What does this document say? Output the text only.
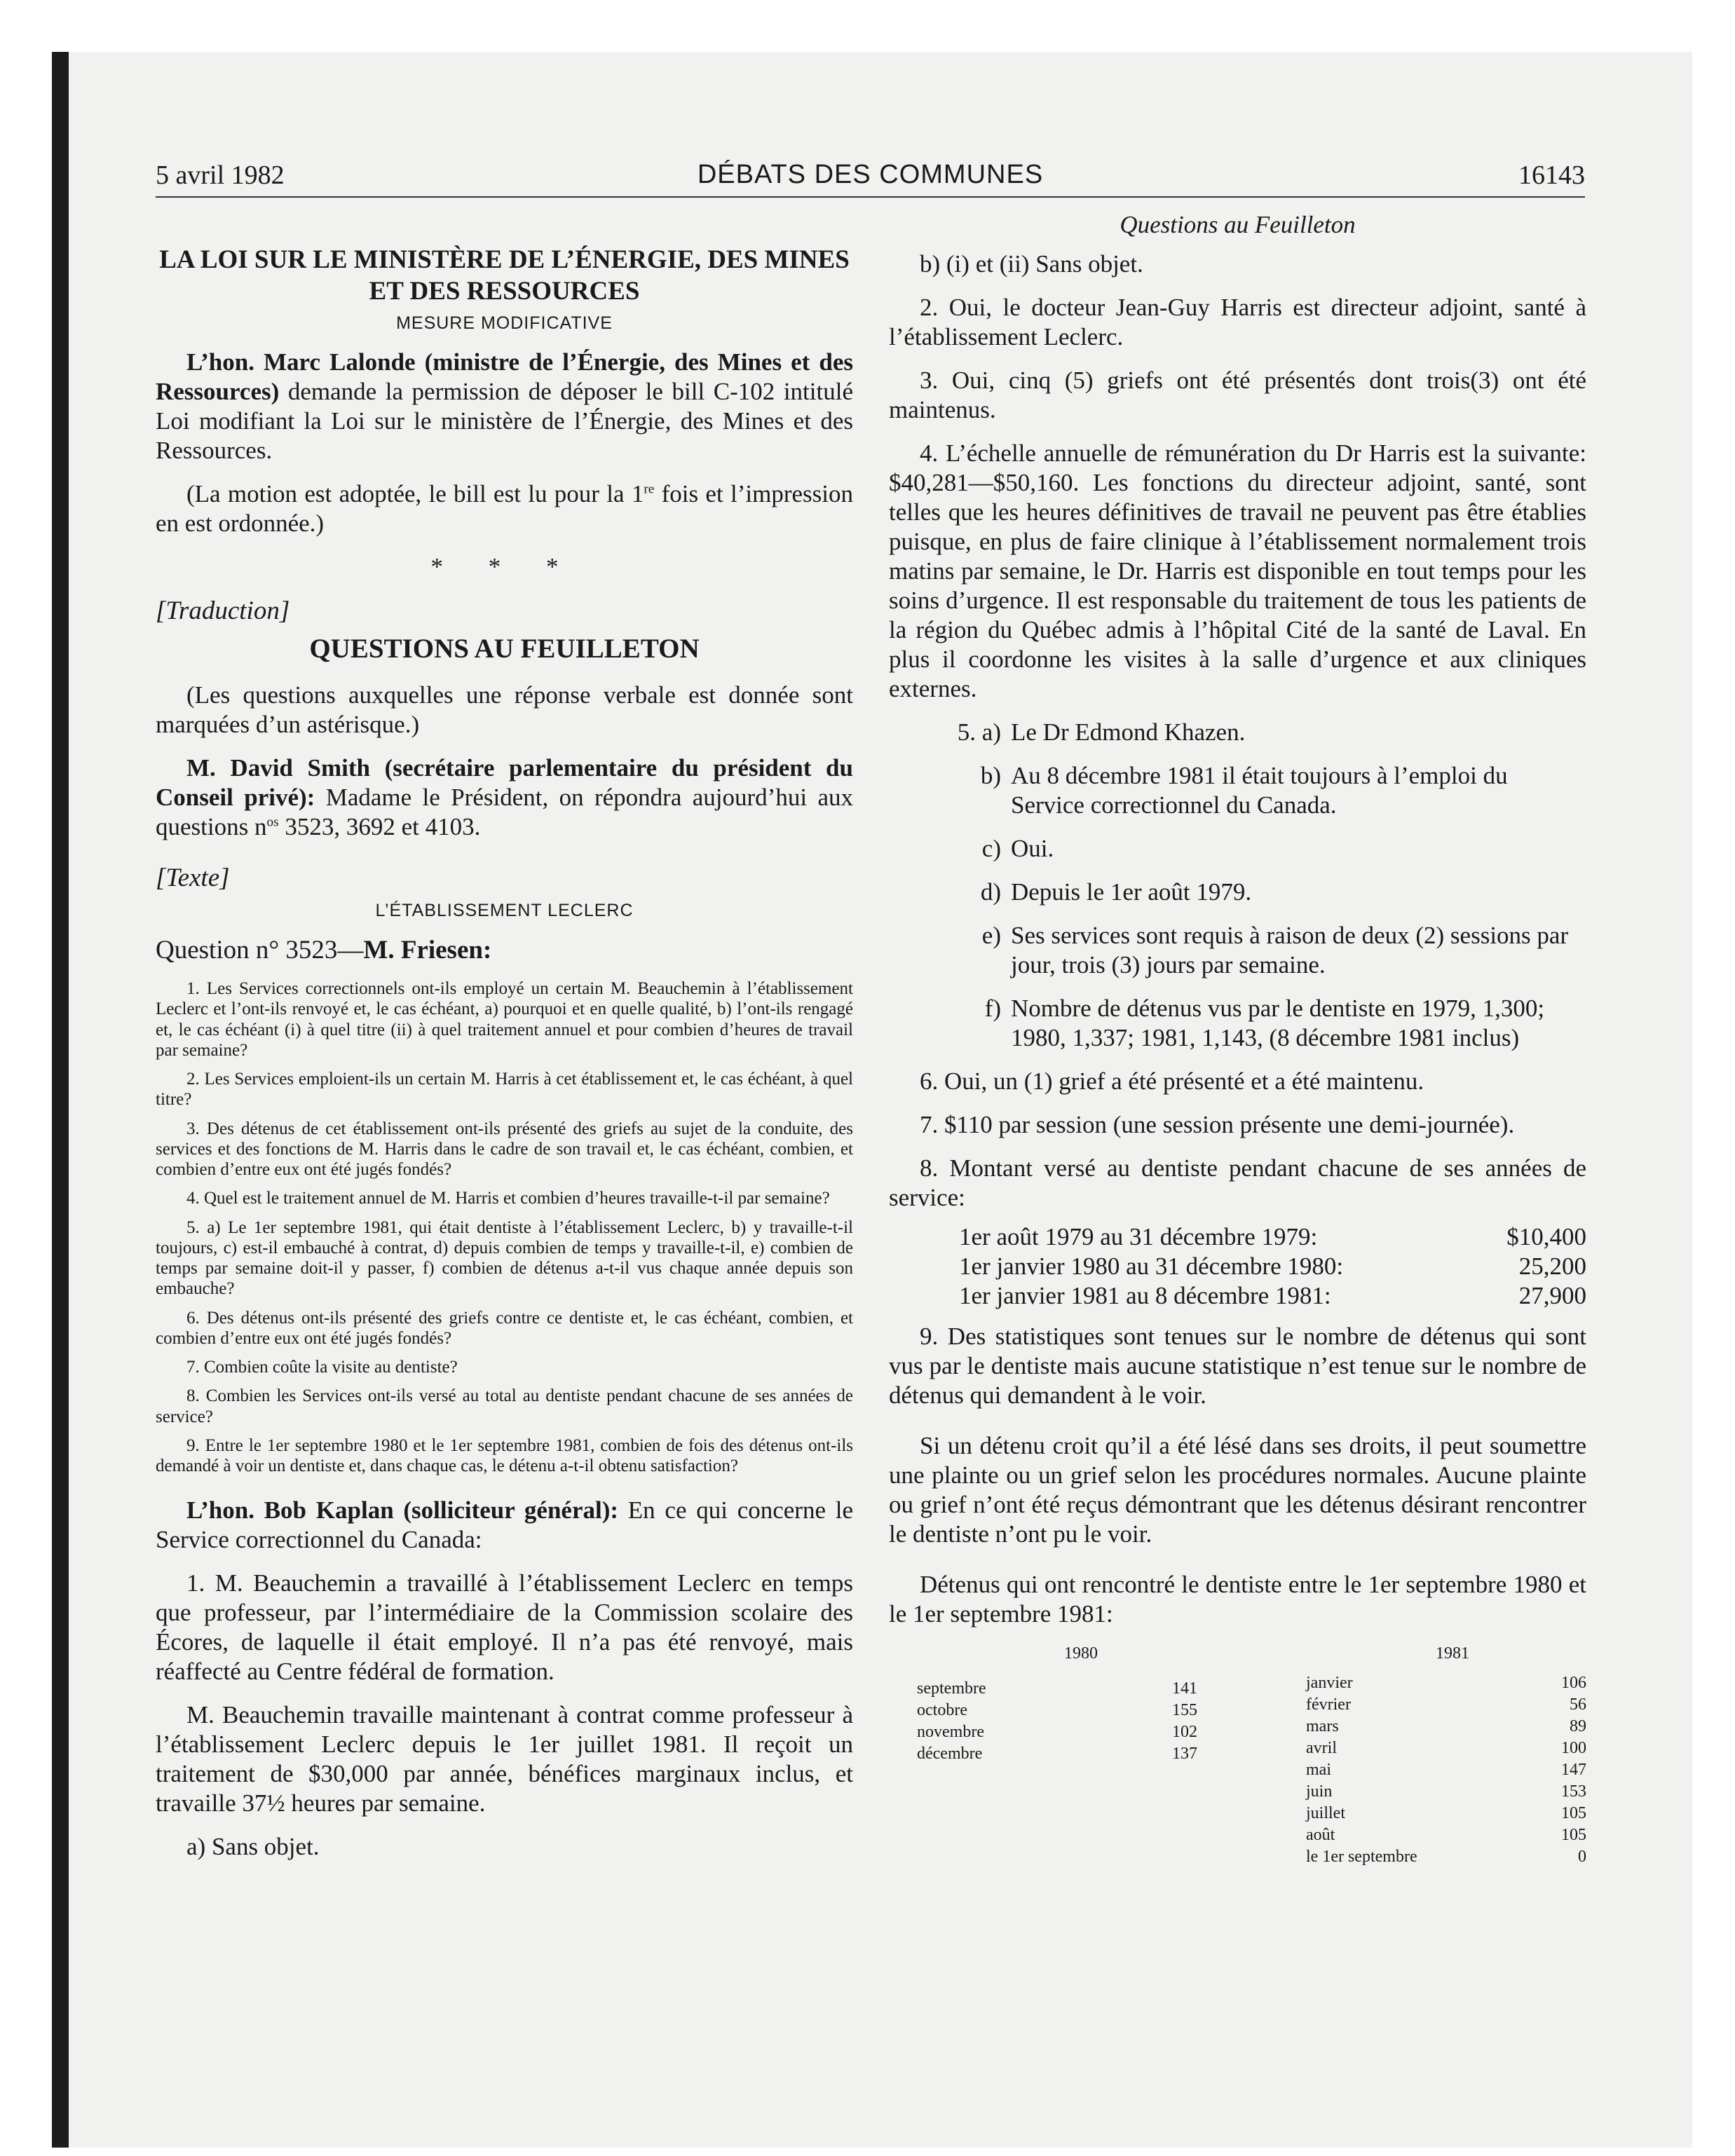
5 avril 1982	DÉBATS DES COMMUNES	16143
LA LOI SUR LE MINISTÈRE DE L’ÉNERGIE, DES MINES ET DES RESSOURCES
MESURE MODIFICATIVE

L’hon. Marc Lalonde (ministre de l’Énergie, des Mines et des Ressources) demande la permission de déposer le bill C-102 intitulé Loi modifiant la Loi sur le ministère de l’Énergie, des Mines et des Ressources.

(La motion est adoptée, le bill est lu pour la 1re fois et l’impression en est ordonnée.)

* * *

[Traduction]

QUESTIONS AU FEUILLETON

(Les questions auxquelles une réponse verbale est donnée sont marquées d’un astérisque.)

M. David Smith (secrétaire parlementaire du président du Conseil privé): Madame le Président, on répondra aujourd’hui aux questions $n^{os}$ 3523, 3692 et 4103.

[Texte]

L’ÉTABLISSEMENT LECLERC

Question n° 3523—M. Friesen:

1. Les Services correctionnels ont-ils employé un certain M. Beauchemin à l’établissement Leclerc et l’ont-ils renvoyé et, le cas échéant, a) pourquoi et en quelle qualité, b) l’ont-ils rengagé et, le cas échéant (i) à quel titre (ii) à quel traitement annuel et pour combien d’heures de travail par semaine?

2. Les Services emploient-ils un certain M. Harris à cet établissement et, le cas échéant, à quel titre?

3. Des détenus de cet établissement ont-ils présenté des griefs au sujet de la conduite, des services et des fonctions de M. Harris dans le cadre de son travail et, le cas échéant, combien, et combien d’entre eux ont été jugés fondés?

4. Quel est le traitement annuel de M. Harris et combien d’heures travaille-t-il par semaine?

5. a) Le 1er septembre 1981, qui était dentiste à l’établissement Leclerc, b) y travaille-t-il toujours, c) est-il embauché à contrat, d) depuis combien de temps y travaille-t-il, e) combien de temps par semaine doit-il y passer, f) combien de détenus a-t-il vus chaque année depuis son embauche?

6. Des détenus ont-ils présenté des griefs contre ce dentiste et, le cas échéant, combien, et combien d’entre eux ont été jugés fondés?

7. Combien coûte la visite au dentiste?

8. Combien les Services ont-ils versé au total au dentiste pendant chacune de ses années de service?

9. Entre le 1er septembre 1980 et le 1er septembre 1981, combien de fois des détenus ont-ils demandé à voir un dentiste et, dans chaque cas, le détenu a-t-il obtenu satisfaction?

L’hon. Bob Kaplan (solliciteur général): En ce qui concerne le Service correctionnel du Canada:

1. M. Beauchemin a travaillé à l’établissement Leclerc en temps que professeur, par l’intermédiaire de la Commission scolaire des Écores, de laquelle il était employé. Il n’a pas été renvoyé, mais réaffecté au Centre fédéral de formation.

M. Beauchemin travaille maintenant à contrat comme professeur à l’établissement Leclerc depuis le 1er juillet 1981. Il reçoit un traitement de $30,000 par année, bénéfices marginaux inclus, et travaille 37½ heures par semaine.

a) Sans objet.

Questions au Feuilleton

b) (i) et (ii) Sans objet.

2. Oui, le docteur Jean-Guy Harris est directeur adjoint, santé à l’établissement Leclerc.

3. Oui, cinq (5) griefs ont été présentés dont trois(3) ont été maintenus.

4. L’échelle annuelle de rémunération du Dr Harris est la suivante: $40,281—$50,160. Les fonctions du directeur adjoint, santé, sont telles que les heures définitives de travail ne peuvent pas être établies puisque, en plus de faire clinique à l’établissement normalement trois matins par semaine, le Dr. Harris est disponible en tout temps pour les soins d’urgence. Il est responsable du traitement de tous les patients de la région du Québec admis à l’hôpital Cité de la santé de Laval. En plus il coordonne les visites à la salle d’urgence et aux cliniques externes.

5. a) Le Dr Edmond Khazen.
b) Au 8 décembre 1981 il était toujours à l’emploi du Service correctionnel du Canada.
c) Oui.
d) Depuis le 1er août 1979.
e) Ses services sont requis à raison de deux (2) sessions par jour, trois (3) jours par semaine.
f) Nombre de détenus vus par le dentiste en 1979, 1,300; 1980, 1,337; 1981, 1,143, (8 décembre 1981 inclus)

6. Oui, un (1) grief a été présenté et a été maintenu.

7. $110 par session (une session présente une demi-journée).

8. Montant versé au dentiste pendant chacune de ses années de service:

1er août 1979 au 31 décembre 1979:	$10,400
1er janvier 1980 au 31 décembre 1980:	25,200
1er janvier 1981 au 8 décembre 1981:	27,900

9. Des statistiques sont tenues sur le nombre de détenus qui sont vus par le dentiste mais aucune statistique n’est tenue sur le nombre de détenus qui demandent à le voir.

Si un détenu croit qu’il a été lésé dans ses droits, il peut soumettre une plainte ou un grief selon les procédures normales. Aucune plainte ou grief n’ont été reçus démontrant que les détenus désirant rencontrer le dentiste n’ont pu le voir.

Détenus qui ont rencontré le dentiste entre le 1er septembre 1980 et le 1er septembre 1981:

1980	1981
septembre	141
octobre	155
novembre	102
décembre	137
janvier	106
février	56
mars	89
avril	100
mai	147
juin	153
juillet	105
août	105
le 1er septembre	0
